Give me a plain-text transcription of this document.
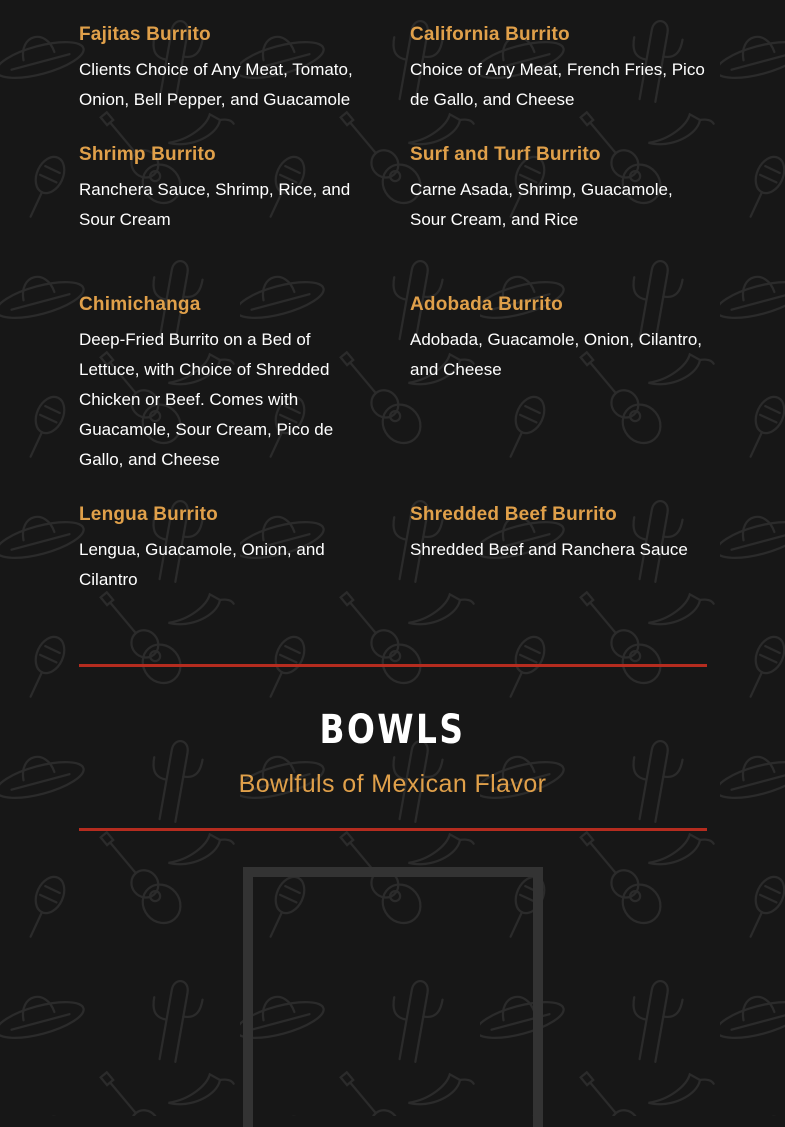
Fajitas Burrito

Clients Choice of Any Meat, Tomato, Onion, Bell Pepper, and Guacamole

California Burrito

Choice of Any Meat, French Fries, Pico de Gallo, and Cheese

Shrimp Burrito

Ranchera Sauce, Shrimp, Rice, and Sour Cream

Surf and Turf Burrito

Carne Asada, Shrimp, Guacamole, Sour Cream, and Rice

Chimichanga

Deep-Fried Burrito on a Bed of Lettuce, with Choice of Shredded Chicken or Beef. Comes with Guacamole, Sour Cream, Pico de Gallo, and Cheese

Adobada Burrito

Adobada, Guacamole, Onion, Cilantro, and Cheese

Lengua Burrito

Lengua, Guacamole, Onion, and Cilantro

Shredded Beef Burrito

Shredded Beef and Ranchera Sauce

BOWLS
Bowlfuls of Mexican Flavor
